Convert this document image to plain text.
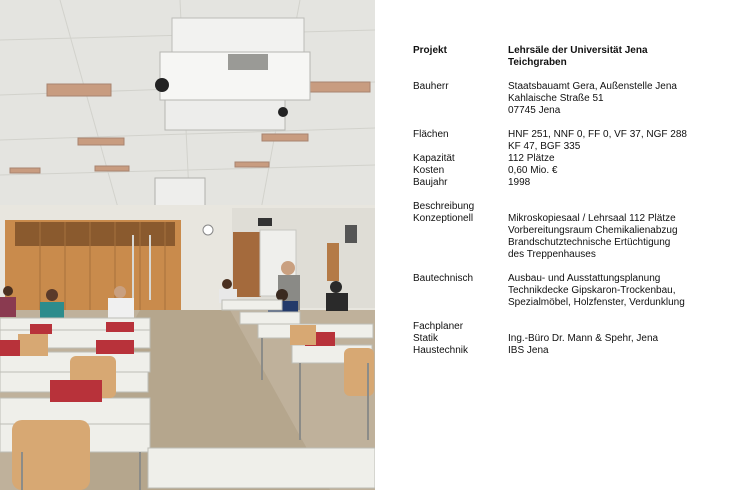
Projekt	Lehrsäle der Universität Jena
Teichgraben
Bauherr	Staatsbauamt Gera, Außenstelle Jena
Kahlaische Straße 51
07745 Jena
Flächen	HNF 251, NNF 0, FF 0, VF 37, NGF 288
KF 47, BGF 335
Kapazität	112 Plätze
Kosten	0,60 Mio. €
Baujahr	1998
Beschreibung
Konzeptionell	Mikroskopiesaal / Lehrsaal 112 Plätze
Vorbereitungsraum Chemikalienabzug
Brandschutztechnische Ertüchtigung
des Treppenhauses
Bautechnisch	Ausbau- und Ausstattungsplanung
Technikdecke Gipskaron-Trockenbau,
Spezialmöbel, Holzfenster, Verdunklung
Fachplaner
Statik	Ing.-Büro Dr. Mann & Spehr, Jena
Haustechnik	IBS Jena
